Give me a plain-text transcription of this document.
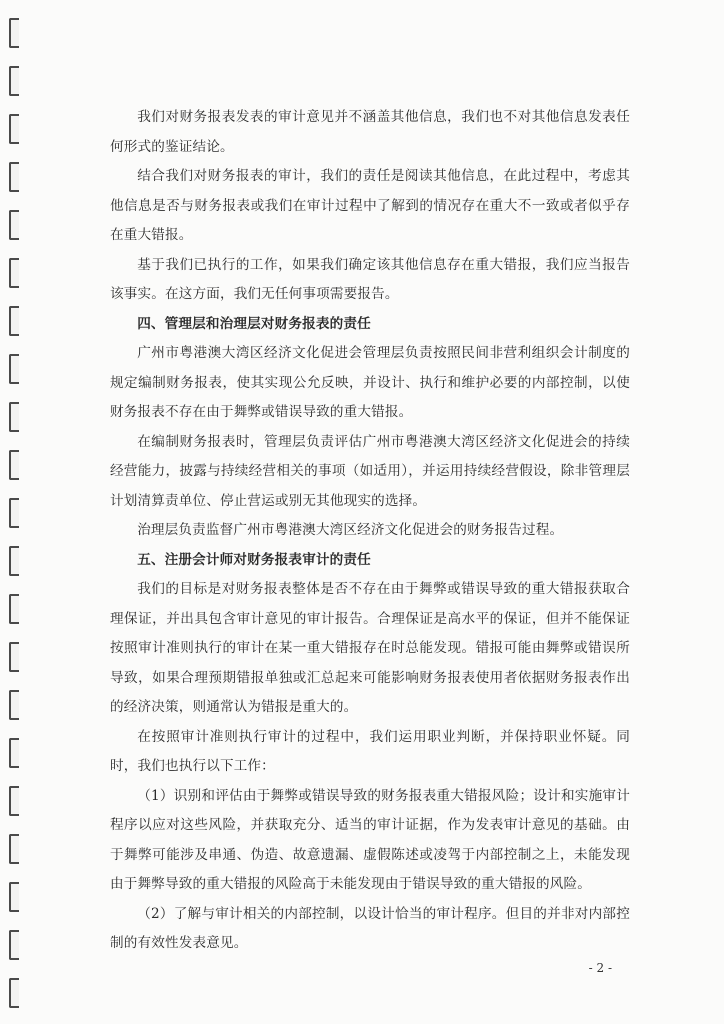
我们对财务报表发表的审计意见并不涵盖其他信息，我们也不对其他信息发表任何形式的鉴证结论。

结合我们对财务报表的审计，我们的责任是阅读其他信息，在此过程中，考虑其他信息是否与财务报表或我们在审计过程中了解到的情况存在重大不一致或者似乎存在重大错报。

基于我们已执行的工作，如果我们确定该其他信息存在重大错报，我们应当报告该事实。在这方面，我们无任何事项需要报告。

四、管理层和治理层对财务报表的责任

广州市粤港澳大湾区经济文化促进会管理层负责按照民间非营利组织会计制度的规定编制财务报表，使其实现公允反映，并设计、执行和维护必要的内部控制，以使财务报表不存在由于舞弊或错误导致的重大错报。

在编制财务报表时，管理层负责评估广州市粤港澳大湾区经济文化促进会的持续经营能力，披露与持续经营相关的事项（如适用），并运用持续经营假设，除非管理层计划清算责单位、停止营运或别无其他现实的选择。

治理层负责监督广州市粤港澳大湾区经济文化促进会的财务报告过程。

五、注册会计师对财务报表审计的责任

我们的目标是对财务报表整体是否不存在由于舞弊或错误导致的重大错报获取合理保证，并出具包含审计意见的审计报告。合理保证是高水平的保证，但并不能保证按照审计准则执行的审计在某一重大错报存在时总能发现。错报可能由舞弊或错误所导致，如果合理预期错报单独或汇总起来可能影响财务报表使用者依据财务报表作出的经济决策，则通常认为错报是重大的。

在按照审计准则执行审计的过程中，我们运用职业判断，并保持职业怀疑。同时，我们也执行以下工作：

（1）识别和评估由于舞弊或错误导致的财务报表重大错报风险；设计和实施审计程序以应对这些风险，并获取充分、适当的审计证据，作为发表审计意见的基础。由于舞弊可能涉及串通、伪造、故意遗漏、虚假陈述或凌驾于内部控制之上，未能发现由于舞弊导致的重大错报的风险高于未能发现由于错误导致的重大错报的风险。

（2）了解与审计相关的内部控制，以设计恰当的审计程序。但目的并非对内部控制的有效性发表意见。

- 2 -
